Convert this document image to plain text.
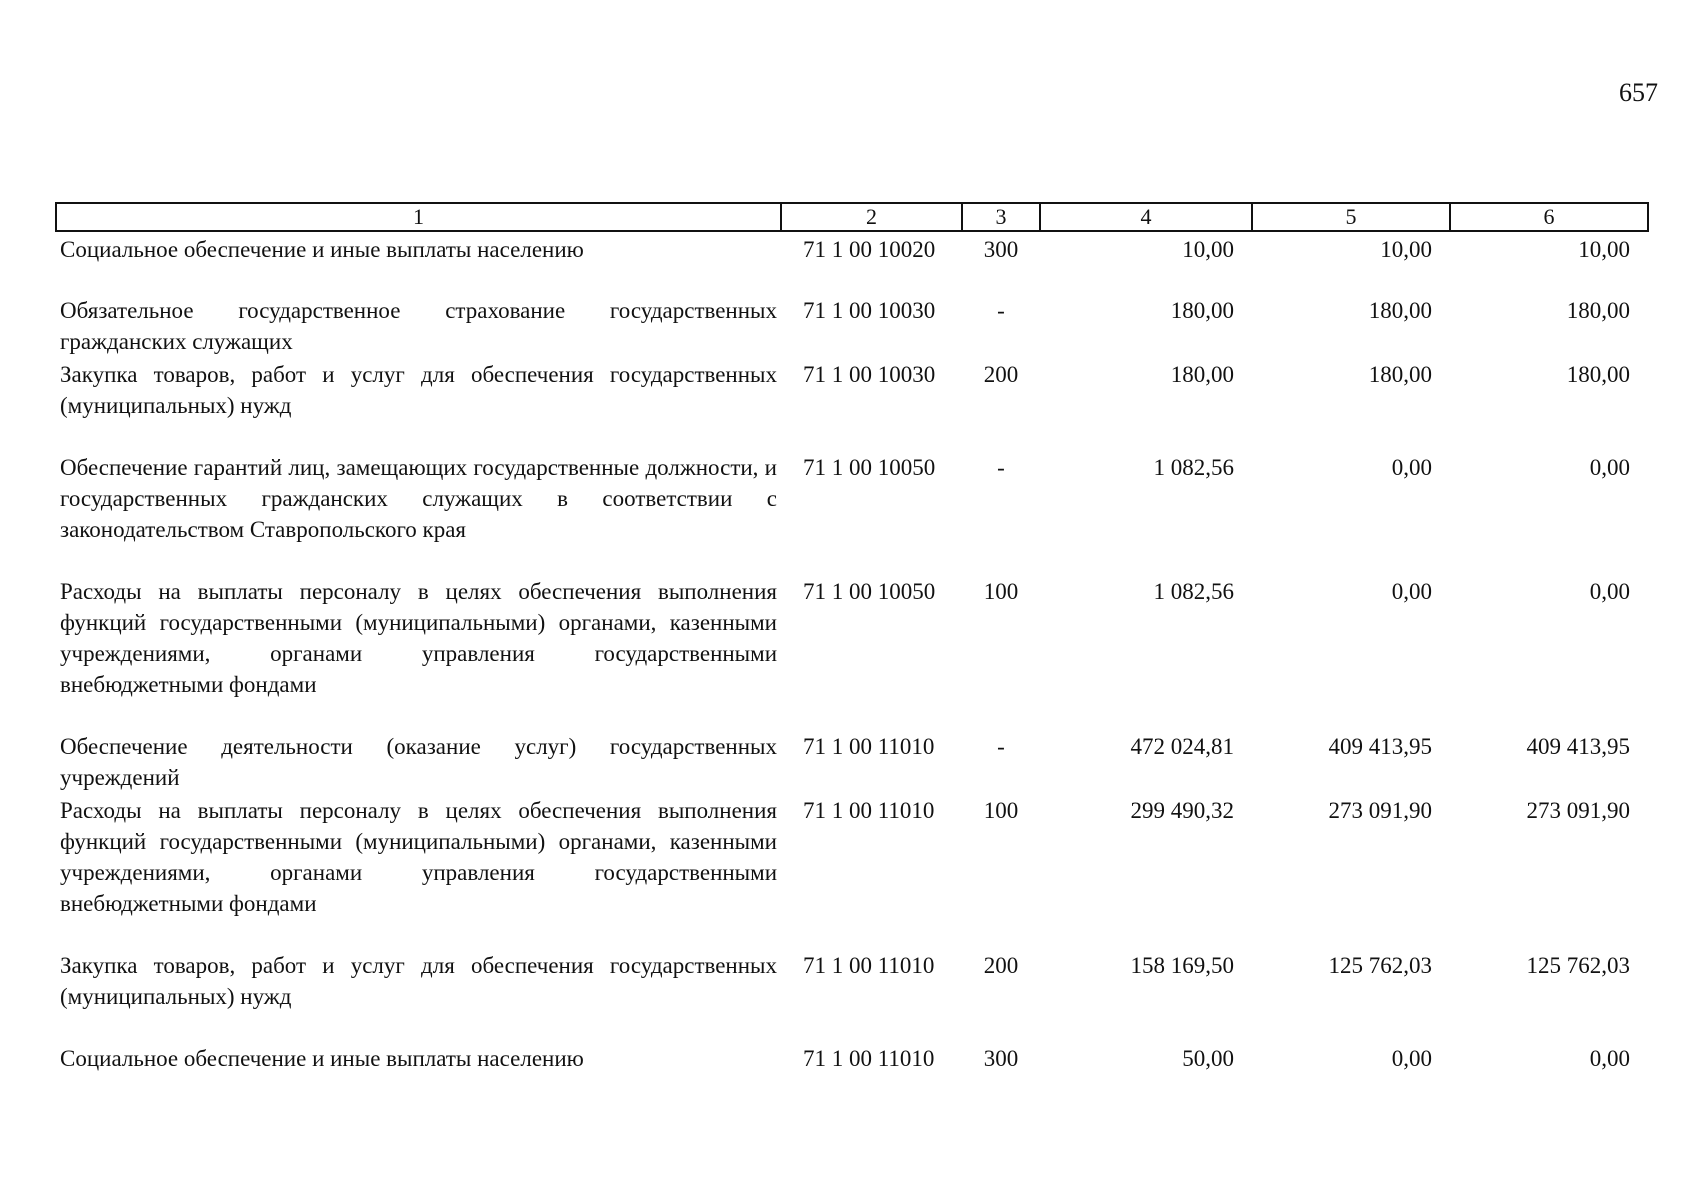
657
1	2	3	4	5	6
Социальное обеспечение и иные выплаты населению	71 1 00 10020	300	10,00	10,00	10,00
Обязательное государственное страхование государственных гражданских служащих	71 1 00 10030	-	180,00	180,00	180,00
Закупка товаров, работ и услуг для обеспечения государственных (муниципальных) нужд	71 1 00 10030	200	180,00	180,00	180,00
Обеспечение гарантий лиц, замещающих государственные должности, и государственных гражданских служащих в соответствии с законодательством Ставропольского края	71 1 00 10050	-	1 082,56	0,00	0,00
Расходы на выплаты персоналу в целях обеспечения выполнения функций государственными (муниципальными) органами, казенными учреждениями, органами управления государственными внебюджетными фондами	71 1 00 10050	100	1 082,56	0,00	0,00
Обеспечение деятельности (оказание услуг) государственных учреждений	71 1 00 11010	-	472 024,81	409 413,95	409 413,95
Расходы на выплаты персоналу в целях обеспечения выполнения функций государственными (муниципальными) органами, казенными учреждениями, органами управления государственными внебюджетными фондами	71 1 00 11010	100	299 490,32	273 091,90	273 091,90
Закупка товаров, работ и услуг для обеспечения государственных (муниципальных) нужд	71 1 00 11010	200	158 169,50	125 762,03	125 762,03
Социальное обеспечение и иные выплаты населению	71 1 00 11010	300	50,00	0,00	0,00
